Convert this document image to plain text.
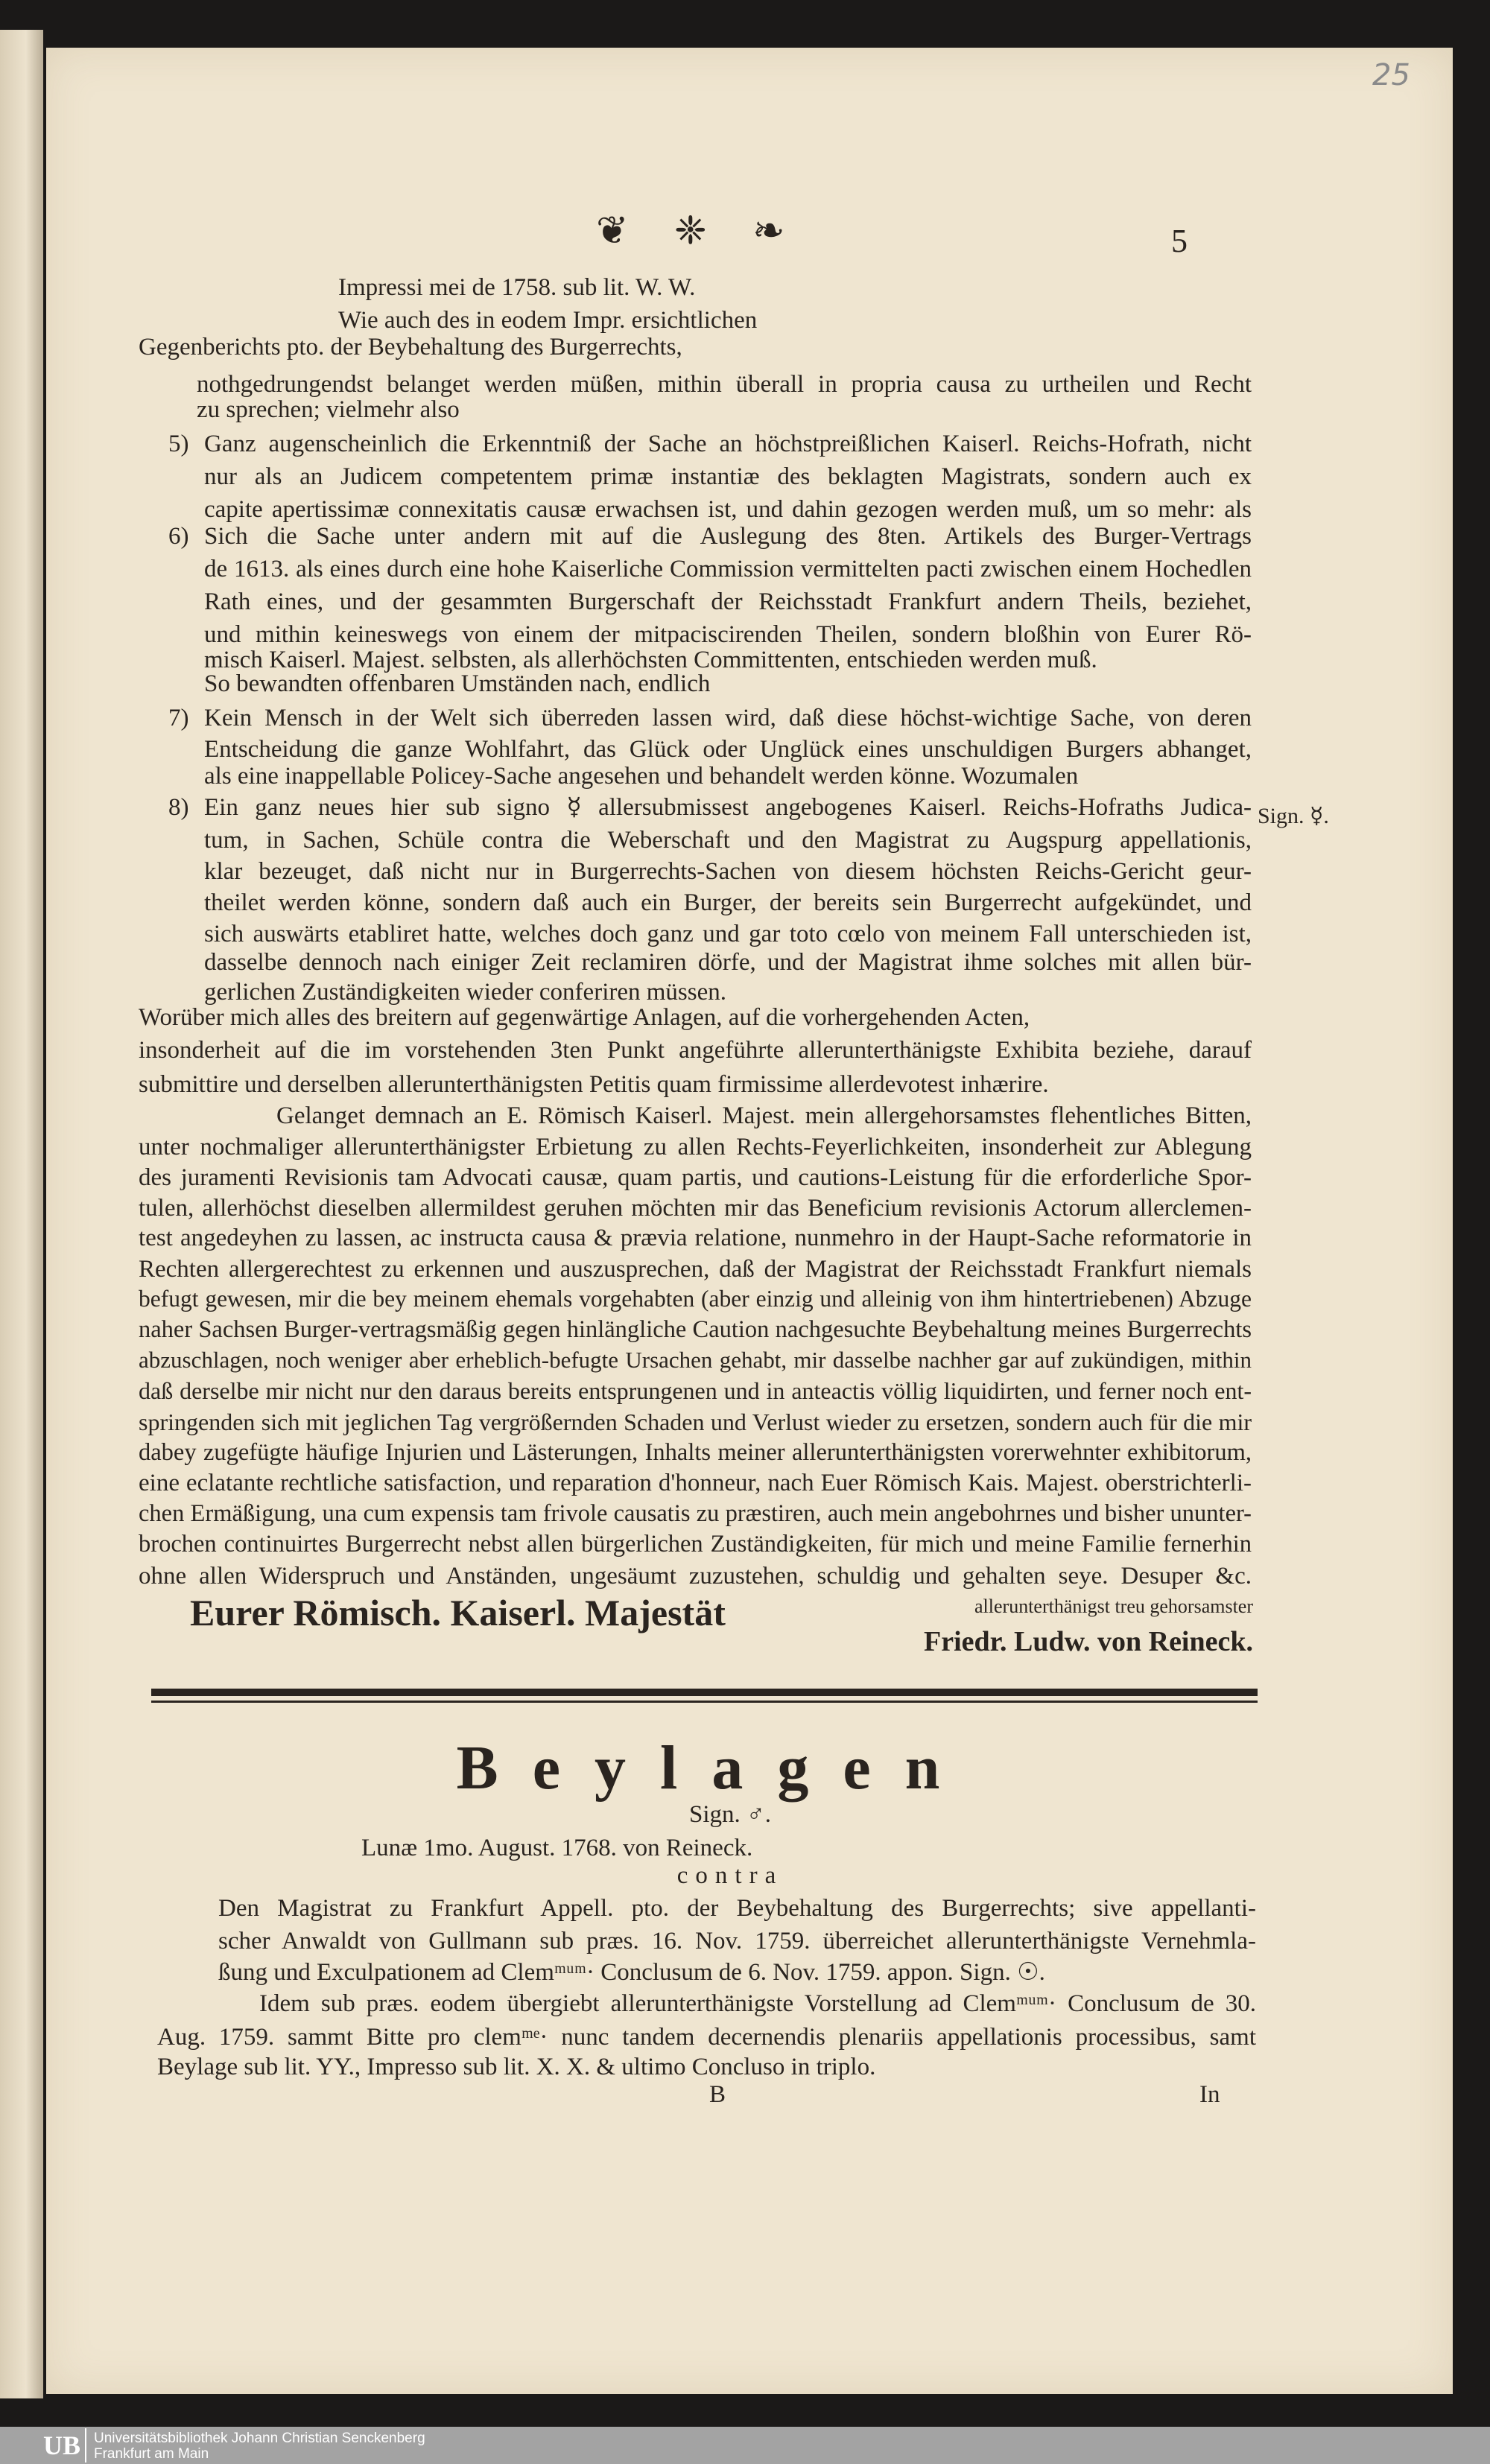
25
❦ ❈ ❧	5
Impressi mei de 1758. sub lit. W. W.
Wie auch des in eodem Impr. ersichtlichen
Gegenberichts pto. der Beybehaltung des Burgerrechts,
nothgedrungendst belanget werden müßen, mithin überall in propria causa zu urtheilen und Recht
zu sprechen; vielmehr also
5) Ganz augenscheinlich die Erkenntniß der Sache an höchstpreißlichen Kaiserl. Reichs-Hofrath, nicht
nur als an Judicem competentem primæ instantiæ des beklagten Magistrats, sondern auch ex
capite apertissimæ connexitatis causæ erwachsen ist, und dahin gezogen werden muß, um so mehr: als
6) Sich die Sache unter andern mit auf die Auslegung des 8ten. Artikels des Burger-Vertrags
de 1613. als eines durch eine hohe Kaiserliche Commission vermittelten pacti zwischen einem Hochedlen
Rath eines, und der gesammten Burgerschaft der Reichsstadt Frankfurt andern Theils, beziehet,
und mithin keineswegs von einem der mitpaciscirenden Theilen, sondern bloßhin von Eurer Rö-
misch Kaiserl. Majest. selbsten, als allerhöchsten Committenten, entschieden werden muß.
So bewandten offenbaren Umständen nach, endlich
7) Kein Mensch in der Welt sich überreden lassen wird, daß diese höchst-wichtige Sache, von deren
Entscheidung die ganze Wohlfahrt, das Glück oder Unglück eines unschuldigen Burgers abhanget,
als eine inappellable Policey-Sache angesehen und behandelt werden könne. Wozumalen
8) Ein ganz neues hier sub signo ☿ allersubmissest angebogenes Kaiserl. Reichs-Hofraths Judica-
tum, in Sachen, Schüle contra die Weberschaft und den Magistrat zu Augspurg appellationis,
klar bezeuget, daß nicht nur in Burgerrechts-Sachen von diesem höchsten Reichs-Gericht geur-
theilet werden könne, sondern daß auch ein Burger, der bereits sein Burgerrecht aufgekündet, und
sich auswärts etabliret hatte, welches doch ganz und gar toto cœlo von meinem Fall unterschieden ist,
dasselbe dennoch nach einiger Zeit reclamiren dörfe, und der Magistrat ihme solches mit allen bür-
gerlichen Zuständigkeiten wieder conferiren müssen.
Sign. ☿.
Worüber mich alles des breitern auf gegenwärtige Anlagen, auf die vorhergehenden Acten,
insonderheit auf die im vorstehenden 3ten Punkt angeführte allerunterthänigste Exhibita beziehe, darauf
submittire und derselben allerunterthänigsten Petitis quam firmissime allerdevotest inhærire.
Gelanget demnach an E. Römisch Kaiserl. Majest. mein allergehorsamstes flehentliches Bitten,
unter nochmaliger allerunterthänigster Erbietung zu allen Rechts-Feyerlichkeiten, insonderheit zur Ablegung
des juramenti Revisionis tam Advocati causæ, quam partis, und cautions-Leistung für die erforderliche Spor-
tulen, allerhöchst dieselben allermildest geruhen möchten mir das Beneficium revisionis Actorum allerclemen-
test angedeyhen zu lassen, ac instructa causa & prævia relatione, nunmehro in der Haupt-Sache reformatorie in
Rechten allergerechtest zu erkennen und auszusprechen, daß der Magistrat der Reichsstadt Frankfurt niemals
befugt gewesen, mir die bey meinem ehemals vorgehabten (aber einzig und alleinig von ihm hintertriebenen) Abzuge
naher Sachsen Burger-vertragsmäßig gegen hinlängliche Caution nachgesuchte Beybehaltung meines Burgerrechts
abzuschlagen, noch weniger aber erheblich-befugte Ursachen gehabt, mir dasselbe nachher gar auf zukündigen, mithin
daß derselbe mir nicht nur den daraus bereits entsprungenen und in anteactis völlig liquidirten, und ferner noch ent-
springenden sich mit jeglichen Tag vergrößernden Schaden und Verlust wieder zu ersetzen, sondern auch für die mir
dabey zugefügte häufige Injurien und Lästerungen, Inhalts meiner allerunterthänigsten vorerwehnter exhibitorum,
eine eclatante rechtliche satisfaction, und reparation d'honneur, nach Euer Römisch Kais. Majest. oberstrichterli-
chen Ermäßigung, una cum expensis tam frivole causatis zu præstiren, auch mein angebohrnes und bisher ununter-
brochen continuirtes Burgerrecht nebst allen bürgerlichen Zuständigkeiten, für mich und meine Familie fernerhin
ohne allen Widerspruch und Anständen, ungesäumt zuzustehen, schuldig und gehalten seye. Desuper &c.
Eurer Römisch. Kaiserl. Majestät	allerunterthänigst treu gehorsamster
Friedr. Ludw. von Reineck.
Beylagen
Sign. ♂.
Lunæ 1mo. August. 1768. von Reineck.
contra
Den Magistrat zu Frankfurt Appell. pto. der Beybehaltung des Burgerrechts; sive appellanti-
scher Anwaldt von Gullmann sub præs. 16. Nov. 1759. überreichet allerunterthänigste Vernehmla-
ßung und Exculpationem ad Clemᵐᵘᵐ· Conclusum de 6. Nov. 1759. appon. Sign. ☉.
Idem sub præs. eodem übergiebt allerunterthänigste Vorstellung ad Clemᵐᵘᵐ· Conclusum de 30.
Aug. 1759. sammt Bitte pro clemᵐᵉ· nunc tandem decernendis plenariis appellationis processibus, samt
Beylage sub lit. YY., Impresso sub lit. X. X. & ultimo Concluso in triplo.
B	In
UB Universitätsbibliothek Johann Christian Senckenberg
Frankfurt am Main
